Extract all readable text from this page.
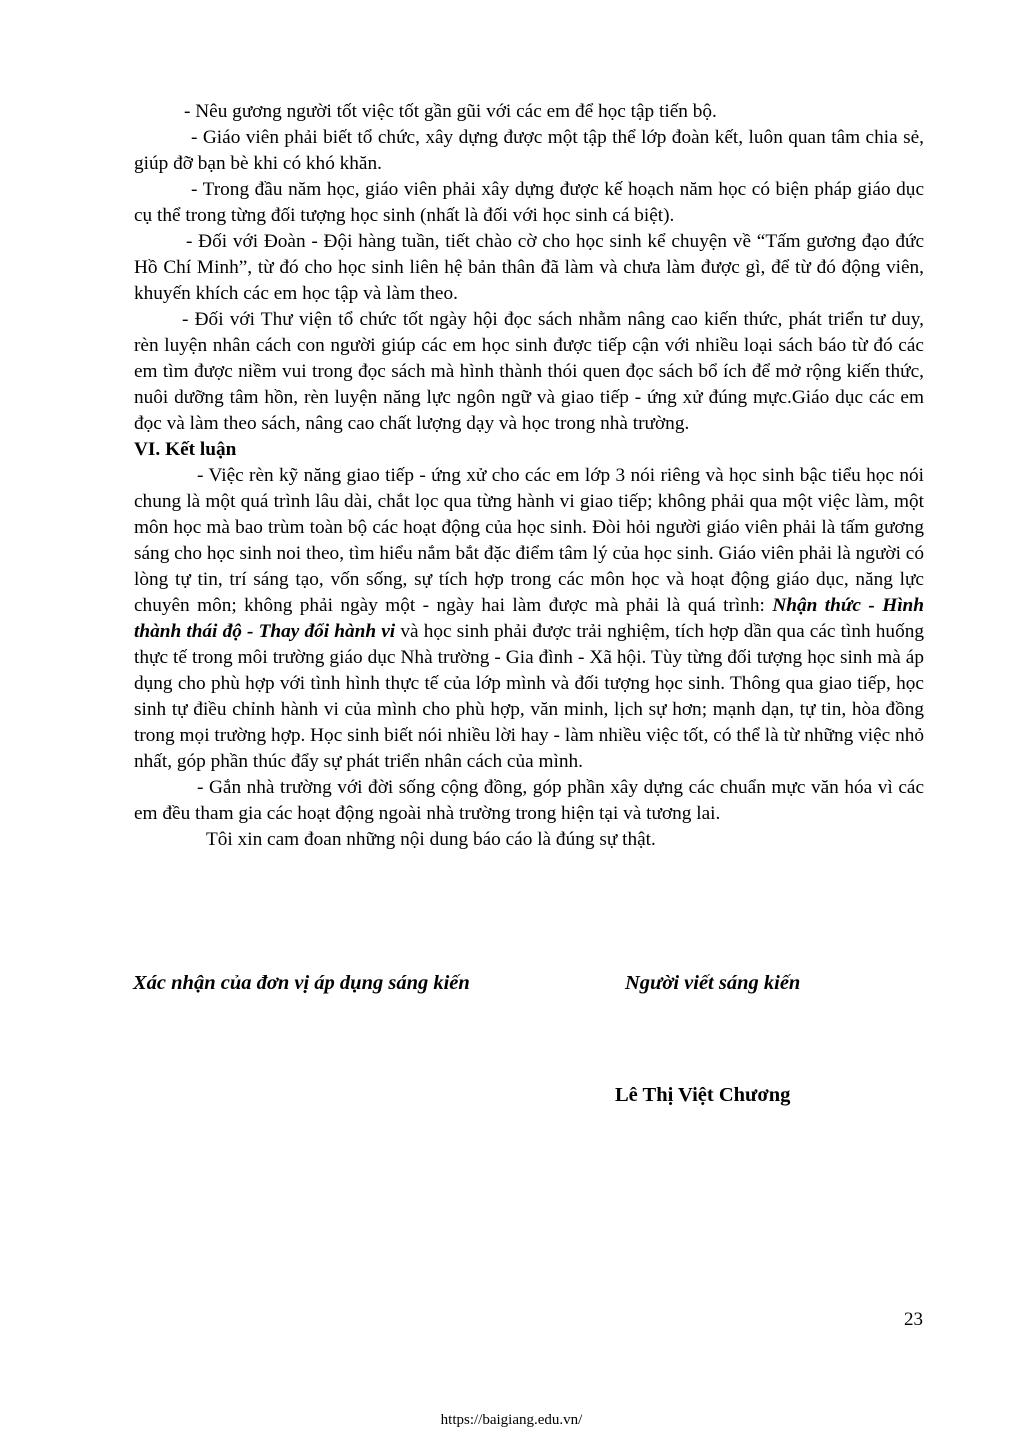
- Nêu gương người tốt việc tốt gần gũi với các em để học tập tiến bộ.

- Giáo viên phải biết tổ chức, xây dựng được một tập thể lớp đoàn kết, luôn quan tâm chia sẻ, giúp đỡ bạn bè khi có khó khăn.

- Trong đầu năm học, giáo viên phải xây dựng được kế hoạch năm học có biện pháp giáo dục cụ thể trong từng đối tượng học sinh (nhất là đối với học sinh cá biệt).

- Đối với Đoàn - Đội hàng tuần, tiết chào cờ cho học sinh kể chuyện về “Tấm gương đạo đức Hồ Chí Minh”, từ đó cho học sinh liên hệ bản thân đã làm và chưa làm được gì, để từ đó động viên, khuyến khích các em học tập và làm theo.

- Đối với Thư viện tổ chức tốt ngày hội đọc sách nhằm nâng cao kiến thức, phát triển tư duy, rèn luyện nhân cách con người giúp các em học sinh được tiếp cận với nhiều loại sách báo từ đó các em tìm được niềm vui trong đọc sách mà hình thành thói quen đọc sách bổ ích để mở rộng kiến thức, nuôi dưỡng tâm hồn, rèn luyện năng lực ngôn ngữ và giao tiếp - ứng xử đúng mực.Giáo dục các em đọc và làm theo sách, nâng cao chất lượng dạy và học trong nhà trường.

VI. Kết luận

- Việc rèn kỹ năng giao tiếp - ứng xử cho các em lớp 3 nói riêng và học sinh bậc tiểu học nói chung là một quá trình lâu dài, chắt lọc qua từng hành vi giao tiếp; không phải qua một việc làm, một môn học mà bao trùm toàn bộ các hoạt động của học sinh. Đòi hỏi người giáo viên phải là tấm gương sáng cho học sinh noi theo, tìm hiểu nắm bắt đặc điểm tâm lý của học sinh. Giáo viên phải là người có lòng tự tin, trí sáng tạo, vốn sống, sự tích hợp trong các môn học và hoạt động giáo dục, năng lực chuyên môn; không phải ngày một - ngày hai làm được mà phải là quá trình: Nhận thức - Hình thành thái độ - Thay đổi hành vi và học sinh phải được trải nghiệm, tích hợp dần qua các tình huống thực tế trong môi trường giáo dục Nhà trường - Gia đình - Xã hội. Tùy từng đối tượng học sinh mà áp dụng cho phù hợp với tình hình thực tế của lớp mình và đối tượng học sinh. Thông qua giao tiếp, học sinh tự điều chỉnh hành vi của mình cho phù hợp, văn minh, lịch sự hơn; mạnh dạn, tự tin, hòa đồng trong mọi trường hợp. Học sinh biết nói nhiều lời hay - làm nhiều việc tốt, có thể là từ những việc nhỏ nhất, góp phần thúc đẩy sự phát triển nhân cách của mình.

- Gắn nhà trường với đời sống cộng đồng, góp phần xây dựng các chuẩn mực văn hóa vì các em đều tham gia các hoạt động ngoài nhà trường trong hiện tại và tương lai.

Tôi xin cam đoan những nội dung báo cáo là đúng sự thật.

Xác nhận của đơn vị áp dụng sáng kiến	Người viết sáng kiến
Lê Thị Việt Chương
23
https://baigiang.edu.vn/
